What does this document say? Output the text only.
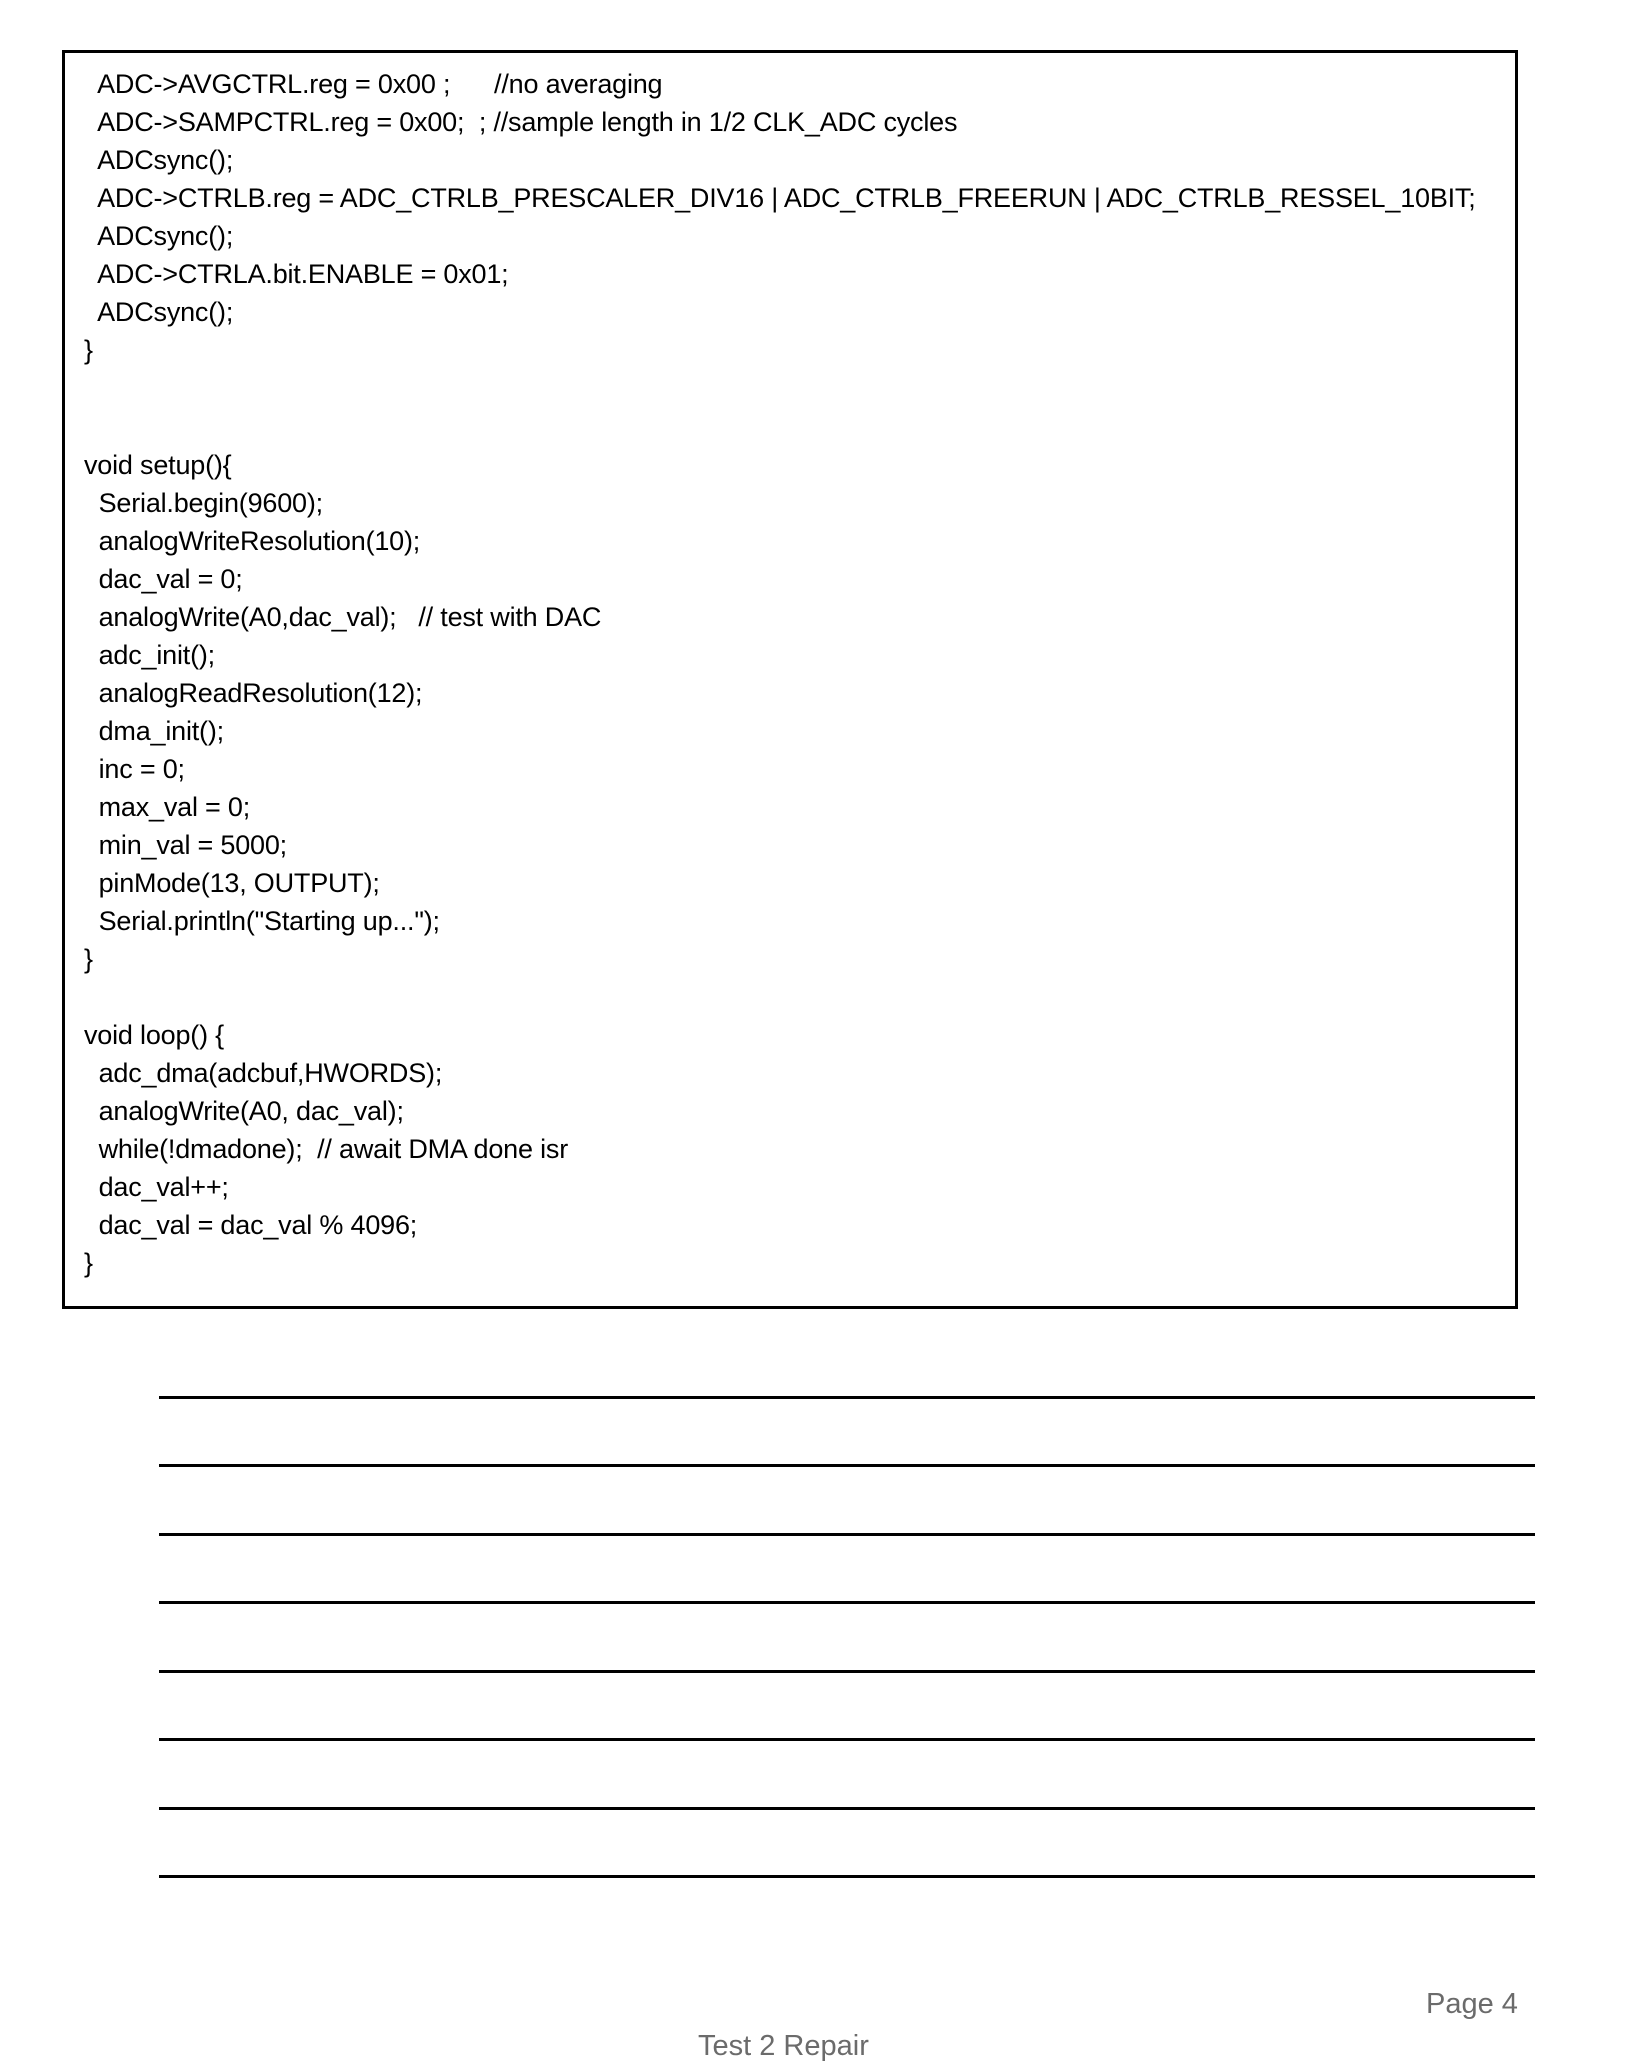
ADC->AVGCTRL.reg = 0x00 ;      //no averaging
ADC->SAMPCTRL.reg = 0x00;  ; //sample length in 1/2 CLK_ADC cycles
ADCsync();
ADC->CTRLB.reg = ADC_CTRLB_PRESCALER_DIV16 | ADC_CTRLB_FREERUN | ADC_CTRLB_RESSEL_10BIT;
ADCsync();
ADC->CTRLA.bit.ENABLE = 0x01;
ADCsync();
}
void setup(){
Serial.begin(9600);
analogWriteResolution(10);
dac_val = 0;
analogWrite(A0,dac_val);   // test with DAC
adc_init();
analogReadResolution(12);
dma_init();
inc = 0;
max_val = 0;
min_val = 5000;
pinMode(13, OUTPUT);
Serial.println("Starting up...");
}
void loop() {
adc_dma(adcbuf,HWORDS);
analogWrite(A0, dac_val);
while(!dmadone);  // await DMA done isr
dac_val++;
dac_val = dac_val % 4096;
}
Page 4
Test 2 Repair
